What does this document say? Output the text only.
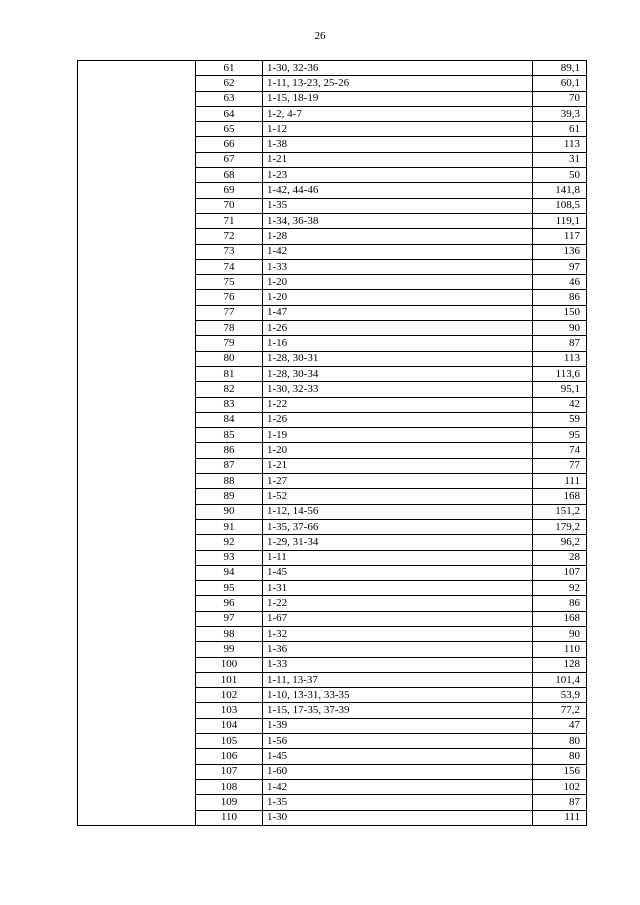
26
	61	1-30, 32-36	89,1
	62	1-11, 13-23, 25-26	60,1
	63	1-15, 18-19	70
	64	1-2, 4-7	39,3
	65	1-12	61
	66	1-38	113
	67	1-21	31
	68	1-23	50
	69	1-42, 44-46	141,8
	70	1-35	108,5
	71	1-34, 36-38	119,1
	72	1-28	117
	73	1-42	136
	74	1-33	97
	75	1-20	46
	76	1-20	86
	77	1-47	150
	78	1-26	90
	79	1-16	87
	80	1-28, 30-31	113
	81	1-28, 30-34	113,6
	82	1-30, 32-33	95,1
	83	1-22	42
	84	1-26	59
	85	1-19	95
	86	1-20	74
	87	1-21	77
	88	1-27	111
	89	1-52	168
	90	1-12, 14-56	151,2
	91	1-35, 37-66	179,2
	92	1-29, 31-34	96,2
	93	1-11	28
	94	1-45	107
	95	1-31	92
	96	1-22	86
	97	1-67	168
	98	1-32	90
	99	1-36	110
	100	1-33	128
	101	1-11, 13-37	101,4
	102	1-10, 13-31, 33-35	53,9
	103	1-15, 17-35, 37-39	77,2
	104	1-39	47
	105	1-56	80
	106	1-45	80
	107	1-60	156
	108	1-42	102
	109	1-35	87
	110	1-30	111
